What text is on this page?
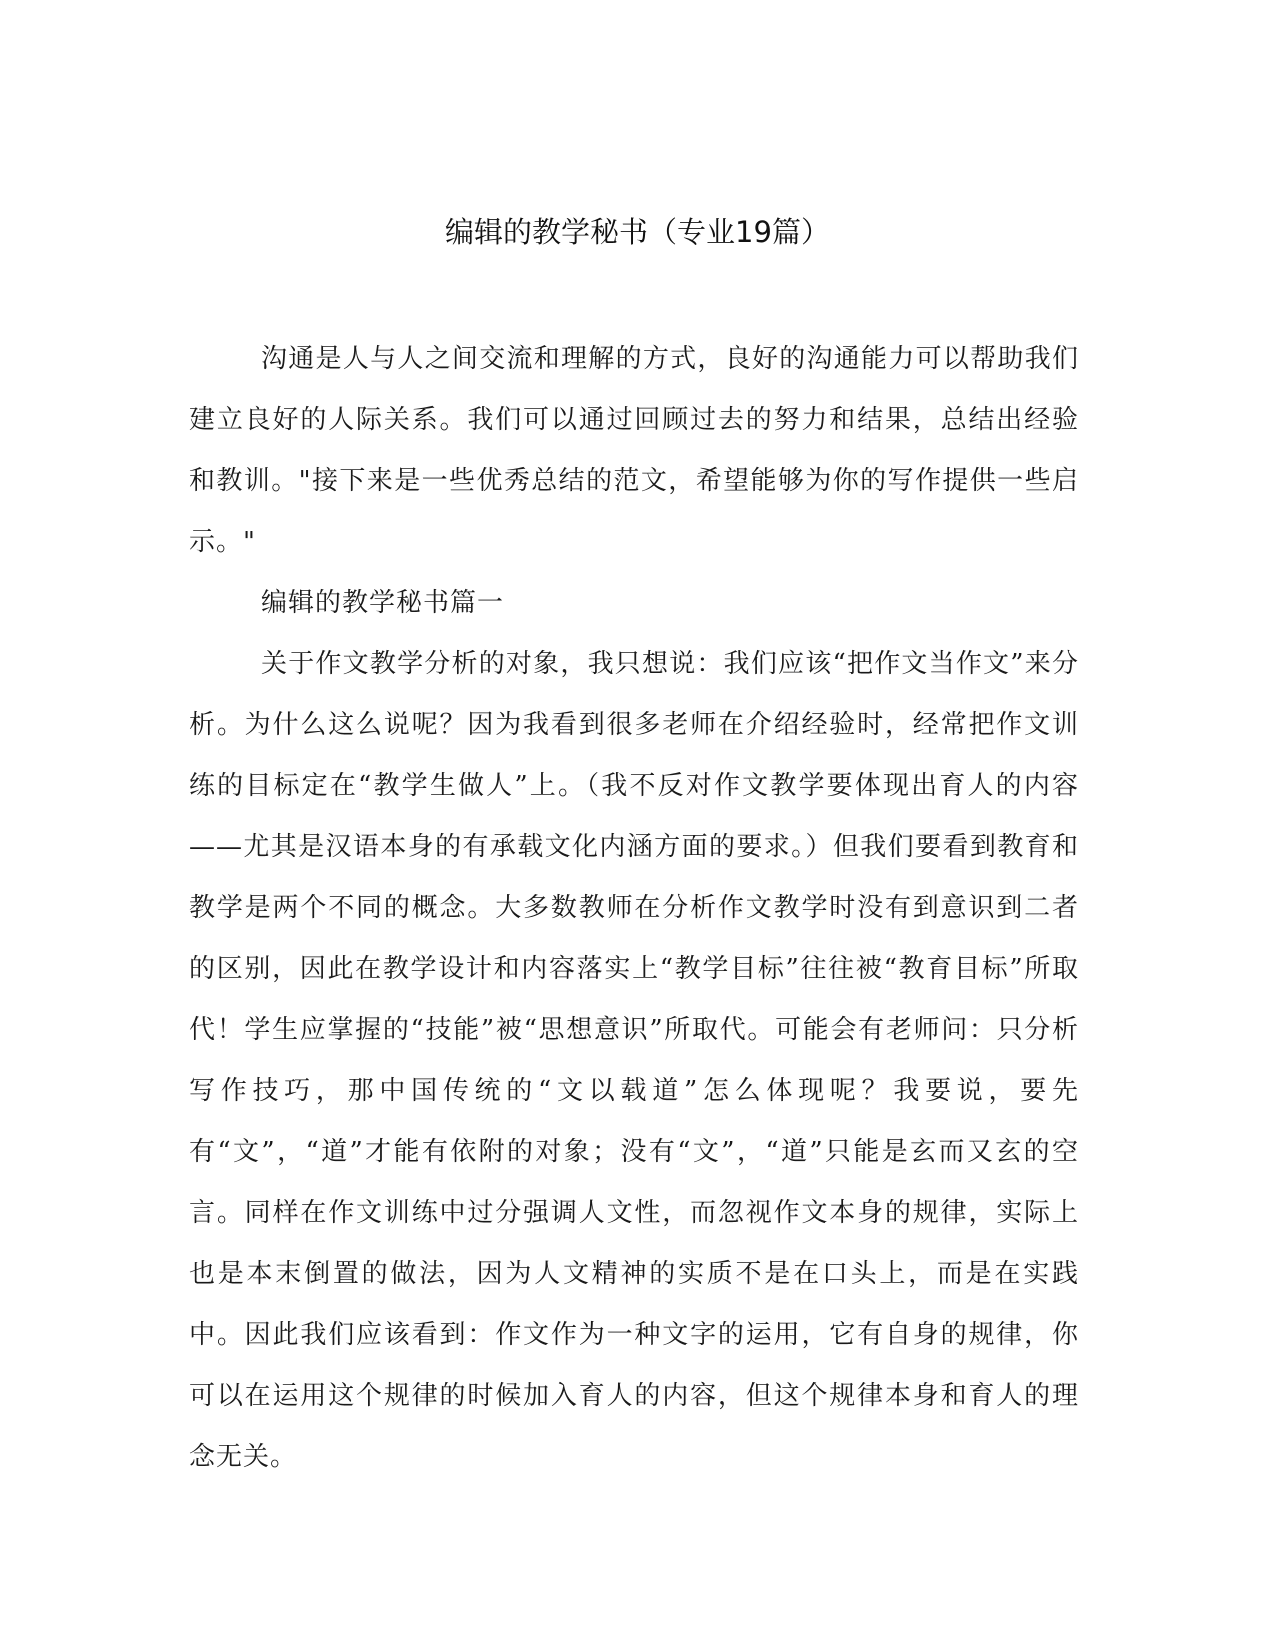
编辑的教学秘书（专业19篇）

沟通是人与人之间交流和理解的方式，良好的沟通能力可以帮助我们建立良好的人际关系。我们可以通过回顾过去的努力和结果，总结出经验和教训。"接下来是一些优秀总结的范文，希望能够为你的写作提供一些启示。"

编辑的教学秘书篇一

关于作文教学分析的对象，我只想说：我们应该“把作文当作文”来分析。为什么这么说呢？因为我看到很多老师在介绍经验时，经常把作文训练的目标定在“教学生做人”上。（我不反对作文教学要体现出育人的内容——尤其是汉语本身的有承载文化内涵方面的要求。）但我们要看到教育和教学是两个不同的概念。大多数教师在分析作文教学时没有到意识到二者的区别，因此在教学设计和内容落实上“教学目标”往往被“教育目标”所取代！学生应掌握的“技能”被“思想意识”所取代。可能会有老师问：只分析写作技巧，那中国传统的“文以载道”怎么体现呢？我要说，要先有“文”，“道”才能有依附的对象；没有“文”，“道”只能是玄而又玄的空言。同样在作文训练中过分强调人文性，而忽视作文本身的规律，实际上也是本末倒置的做法，因为人文精神的实质不是在口头上，而是在实践中。因此我们应该看到：作文作为一种文字的运用，它有自身的规律，你可以在运用这个规律的时候加入育人的内容，但这个规律本身和育人的理念无关。
